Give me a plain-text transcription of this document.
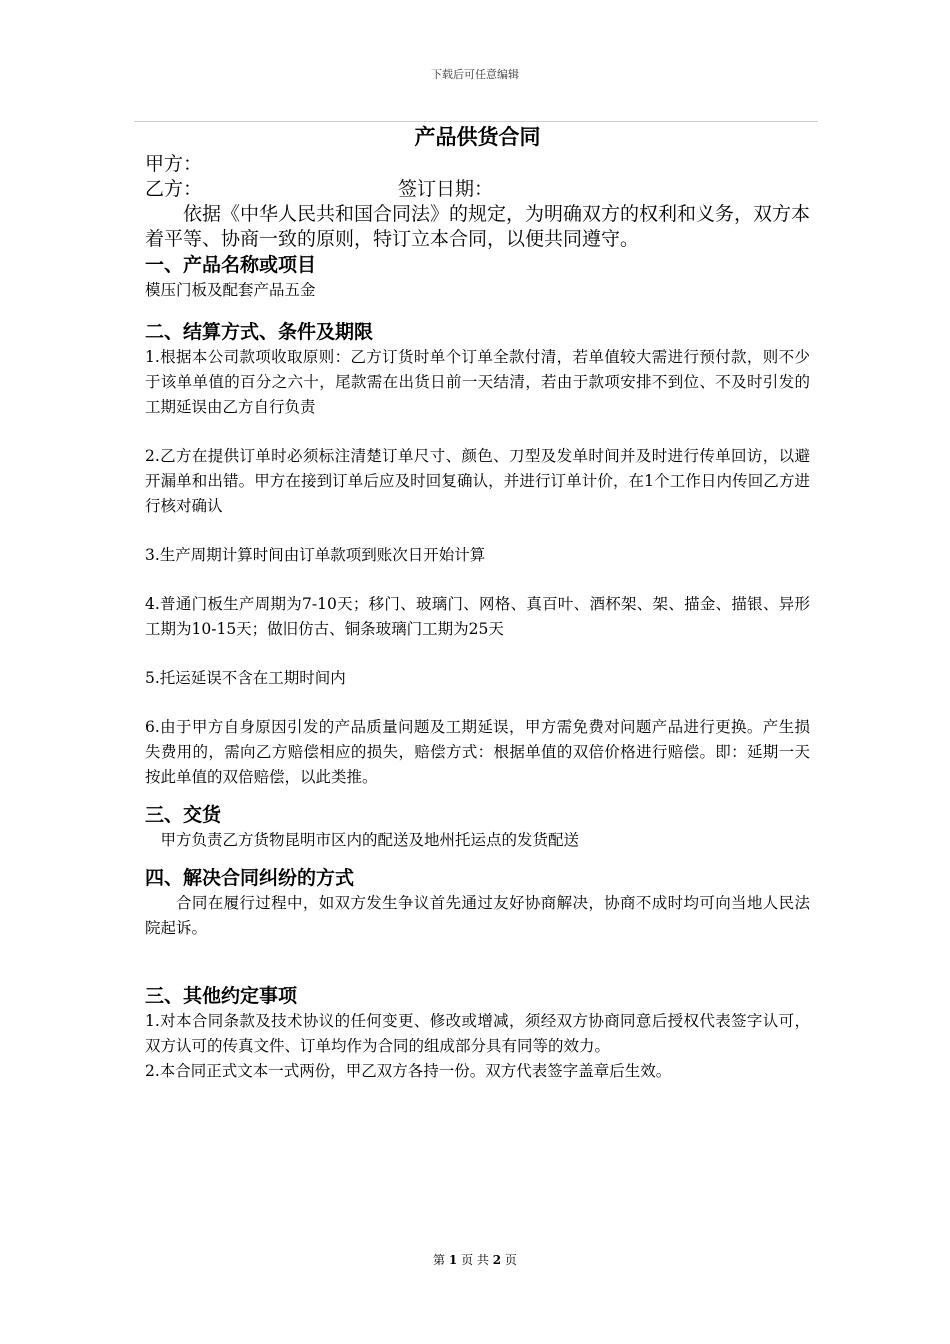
下载后可任意编辑

产品供货合同

甲方：

乙方：	签订日期：

依据《中华人民共和国合同法》的规定，为明确双方的权利和义务，双方本着平等、协商一致的原则，特订立本合同，以便共同遵守。

一、产品名称或项目

模压门板及配套产品五金

二、结算方式、条件及期限

1.根据本公司款项收取原则：乙方订货时单个订单全款付清，若单值较大需进行预付款，则不少于该单单值的百分之六十，尾款需在出货日前一天结清，若由于款项安排不到位、不及时引发的工期延误由乙方自行负责

2.乙方在提供订单时必须标注清楚订单尺寸、颜色、刀型及发单时间并及时进行传单回访，以避开漏单和出错。甲方在接到订单后应及时回复确认，并进行订单计价，在1个工作日内传回乙方进行核对确认

3.生产周期计算时间由订单款项到账次日开始计算

4.普通门板生产周期为7-10天；移门、玻璃门、网格、真百叶、酒杯架、架、描金、描银、异形工期为10-15天；做旧仿古、铜条玻璃门工期为25天

5.托运延误不含在工期时间内

6.由于甲方自身原因引发的产品质量问题及工期延误，甲方需免费对问题产品进行更换。产生损失费用的，需向乙方赔偿相应的损失，赔偿方式：根据单值的双倍价格进行赔偿。即：延期一天按此单值的双倍赔偿，以此类推。

三、交货

甲方负责乙方货物昆明市区内的配送及地州托运点的发货配送

四、解决合同纠纷的方式

合同在履行过程中，如双方发生争议首先通过友好协商解决，协商不成时均可向当地人民法院起诉。

三、其他约定事项

1.对本合同条款及技术协议的任何变更、修改或增减，须经双方协商同意后授权代表签字认可，双方认可的传真文件、订单均作为合同的组成部分具有同等的效力。

2.本合同正式文本一式两份，甲乙双方各持一份。双方代表签字盖章后生效。

第 1 页 共 2 页
